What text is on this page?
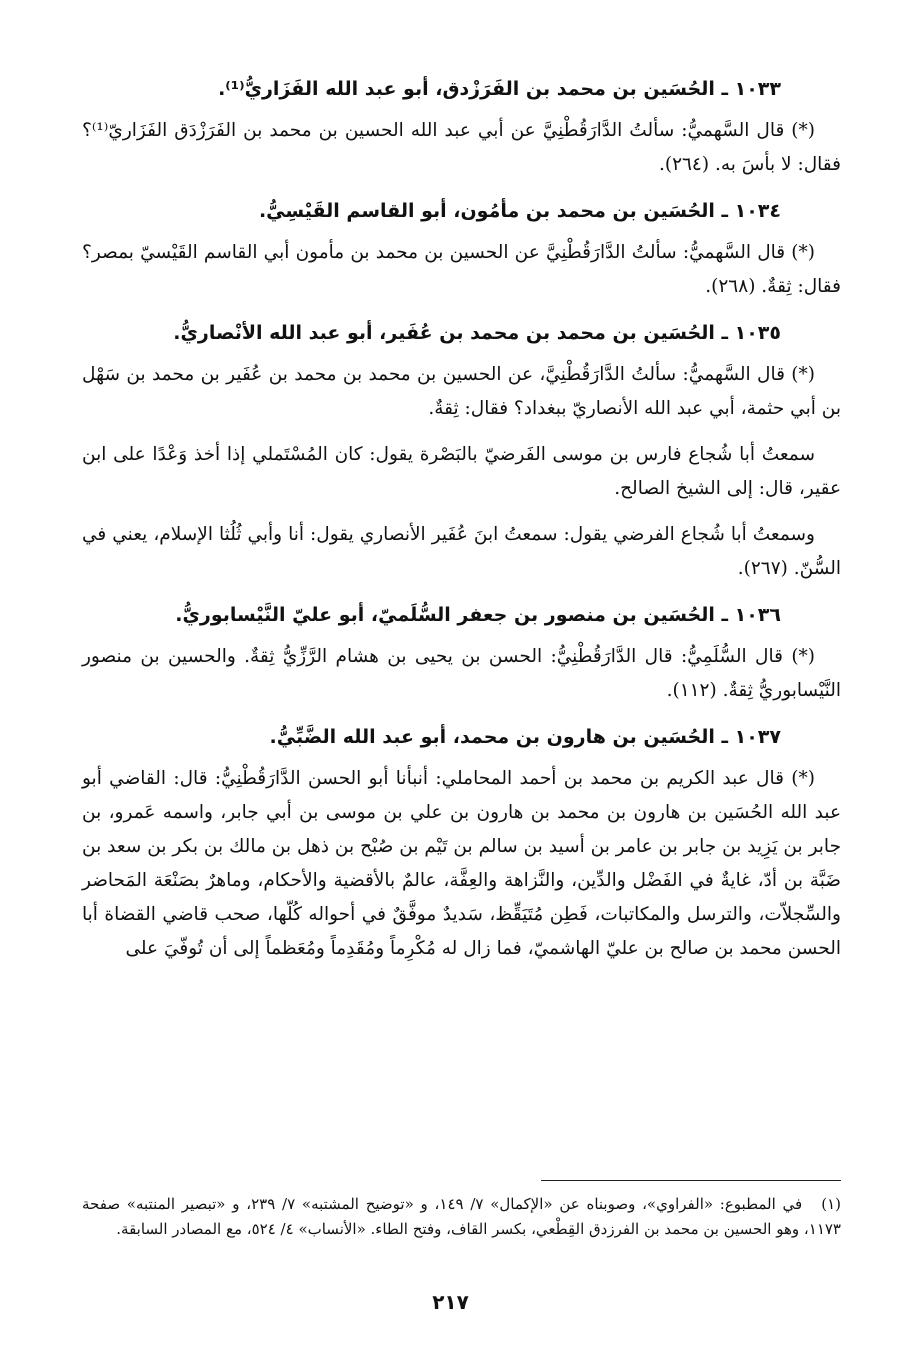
١٠٣٣ ـ الحُسَين بن محمد بن الفَرَزْدق، أبو عبد الله الفَزَاريُّ⁽¹⁾.

(*) قال السَّهميُّ: سألتُ الدَّارَقُطْنِيَّ عن أبي عبد الله الحسين بن محمد بن الفَرَزْدَق الفَزَاريّ⁽¹⁾؟ فقال: لا بأسَ به. (٢٦٤).

١٠٣٤ ـ الحُسَين بن محمد بن مأمُون، أبو القاسم القَيْسِيُّ.

(*) قال السَّهميُّ: سألتُ الدَّارَقُطْنِيَّ عن الحسين بن محمد بن مأمون أبي القاسم القَيْسيّ بمصر؟ فقال: ثِقةٌ. (٢٦٨).

١٠٣٥ ـ الحُسَين بن محمد بن محمد بن عُفَير، أبو عبد الله الأنْصاريُّ.

(*) قال السَّهميُّ: سألتُ الدَّارَقُطْنِيَّ، عن الحسين بن محمد بن محمد بن عُفَير بن محمد بن سَهْل بن أبي حثمة، أبي عبد الله الأنصاريّ ببغداد؟ فقال: ثِقةٌ.

سمعتُ أبا شُجاع فارس بن موسى الفَرضيّ بالبَصْرة يقول: كان المُسْتَملي إذا أخذ وَعْدًا على ابن عقير، قال: إلى الشيخ الصالح.

وسمعتُ أبا شُجاع الفرضي يقول: سمعتُ ابنَ عُفَير الأنصاري يقول: أنا وأبي ثُلُثا الإسلام، يعني في السُّنّ. (٢٦٧).

١٠٣٦ ـ الحُسَين بن منصور بن جعفر السُّلَميّ، أبو عليّ النَّيْسابوريُّ.

(*) قال السُّلَمِيُّ: قال الدَّارَقُطْنِيُّ: الحسن بن يحيى بن هشام الرَّزِّيُّ ثِقةٌ. والحسين بن منصور النَّيْسابوريُّ ثِقةٌ. (١١٢).

١٠٣٧ ـ الحُسَين بن هارون بن محمد، أبو عبد الله الضَّبِّيُّ.

(*) قال عبد الكريم بن محمد بن أحمد المحاملي: أنبأنا أبو الحسن الدَّارَقُطْنِيُّ: قال: القاضي أبو عبد الله الحُسَين بن هارون بن محمد بن هارون بن علي بن موسى بن أبي جابر، واسمه عَمرو، بن جابر بن يَزِيد بن جابر بن عامر بن أسيد بن سالم بن تَيْم بن صُبْح بن ذهل بن مالك بن بكر بن سعد بن ضَبَّة بن أدّ، غايةٌ في الفَضْل والدِّين، والنَّزاهة والعِفَّة، عالمٌ بالأقضية والأحكام، وماهرٌ بصَنْعَة المَحاضر والسِّجلاّت، والترسل والمكاتبات، فَطِن مُتَيَقِّظ، سَديدٌ موفَّقٌ في أحواله كُلّها، صحب قاضي القضاة أبا الحسن محمد بن صالح بن عليّ الهاشميّ، فما زال له مُكْرِماً ومُقَدِماً ومُعَظماً إلى أن تُوفّيَ على

(١) في المطبوع: «الفراوي»، وصوبناه عن «الإكمال» ٧/ ١٤٩، و «توضيح المشتبه» ٧/ ٢٣٩، و «تبصير المنتبه» صفحة ١١٧٣، وهو الحسين بن محمد بن الفرزدق القِطْعي، بكسر القاف، وفتح الطاء. «الأنساب» ٤/ ٥٢٤، مع المصادر السابقة.
٢١٧
